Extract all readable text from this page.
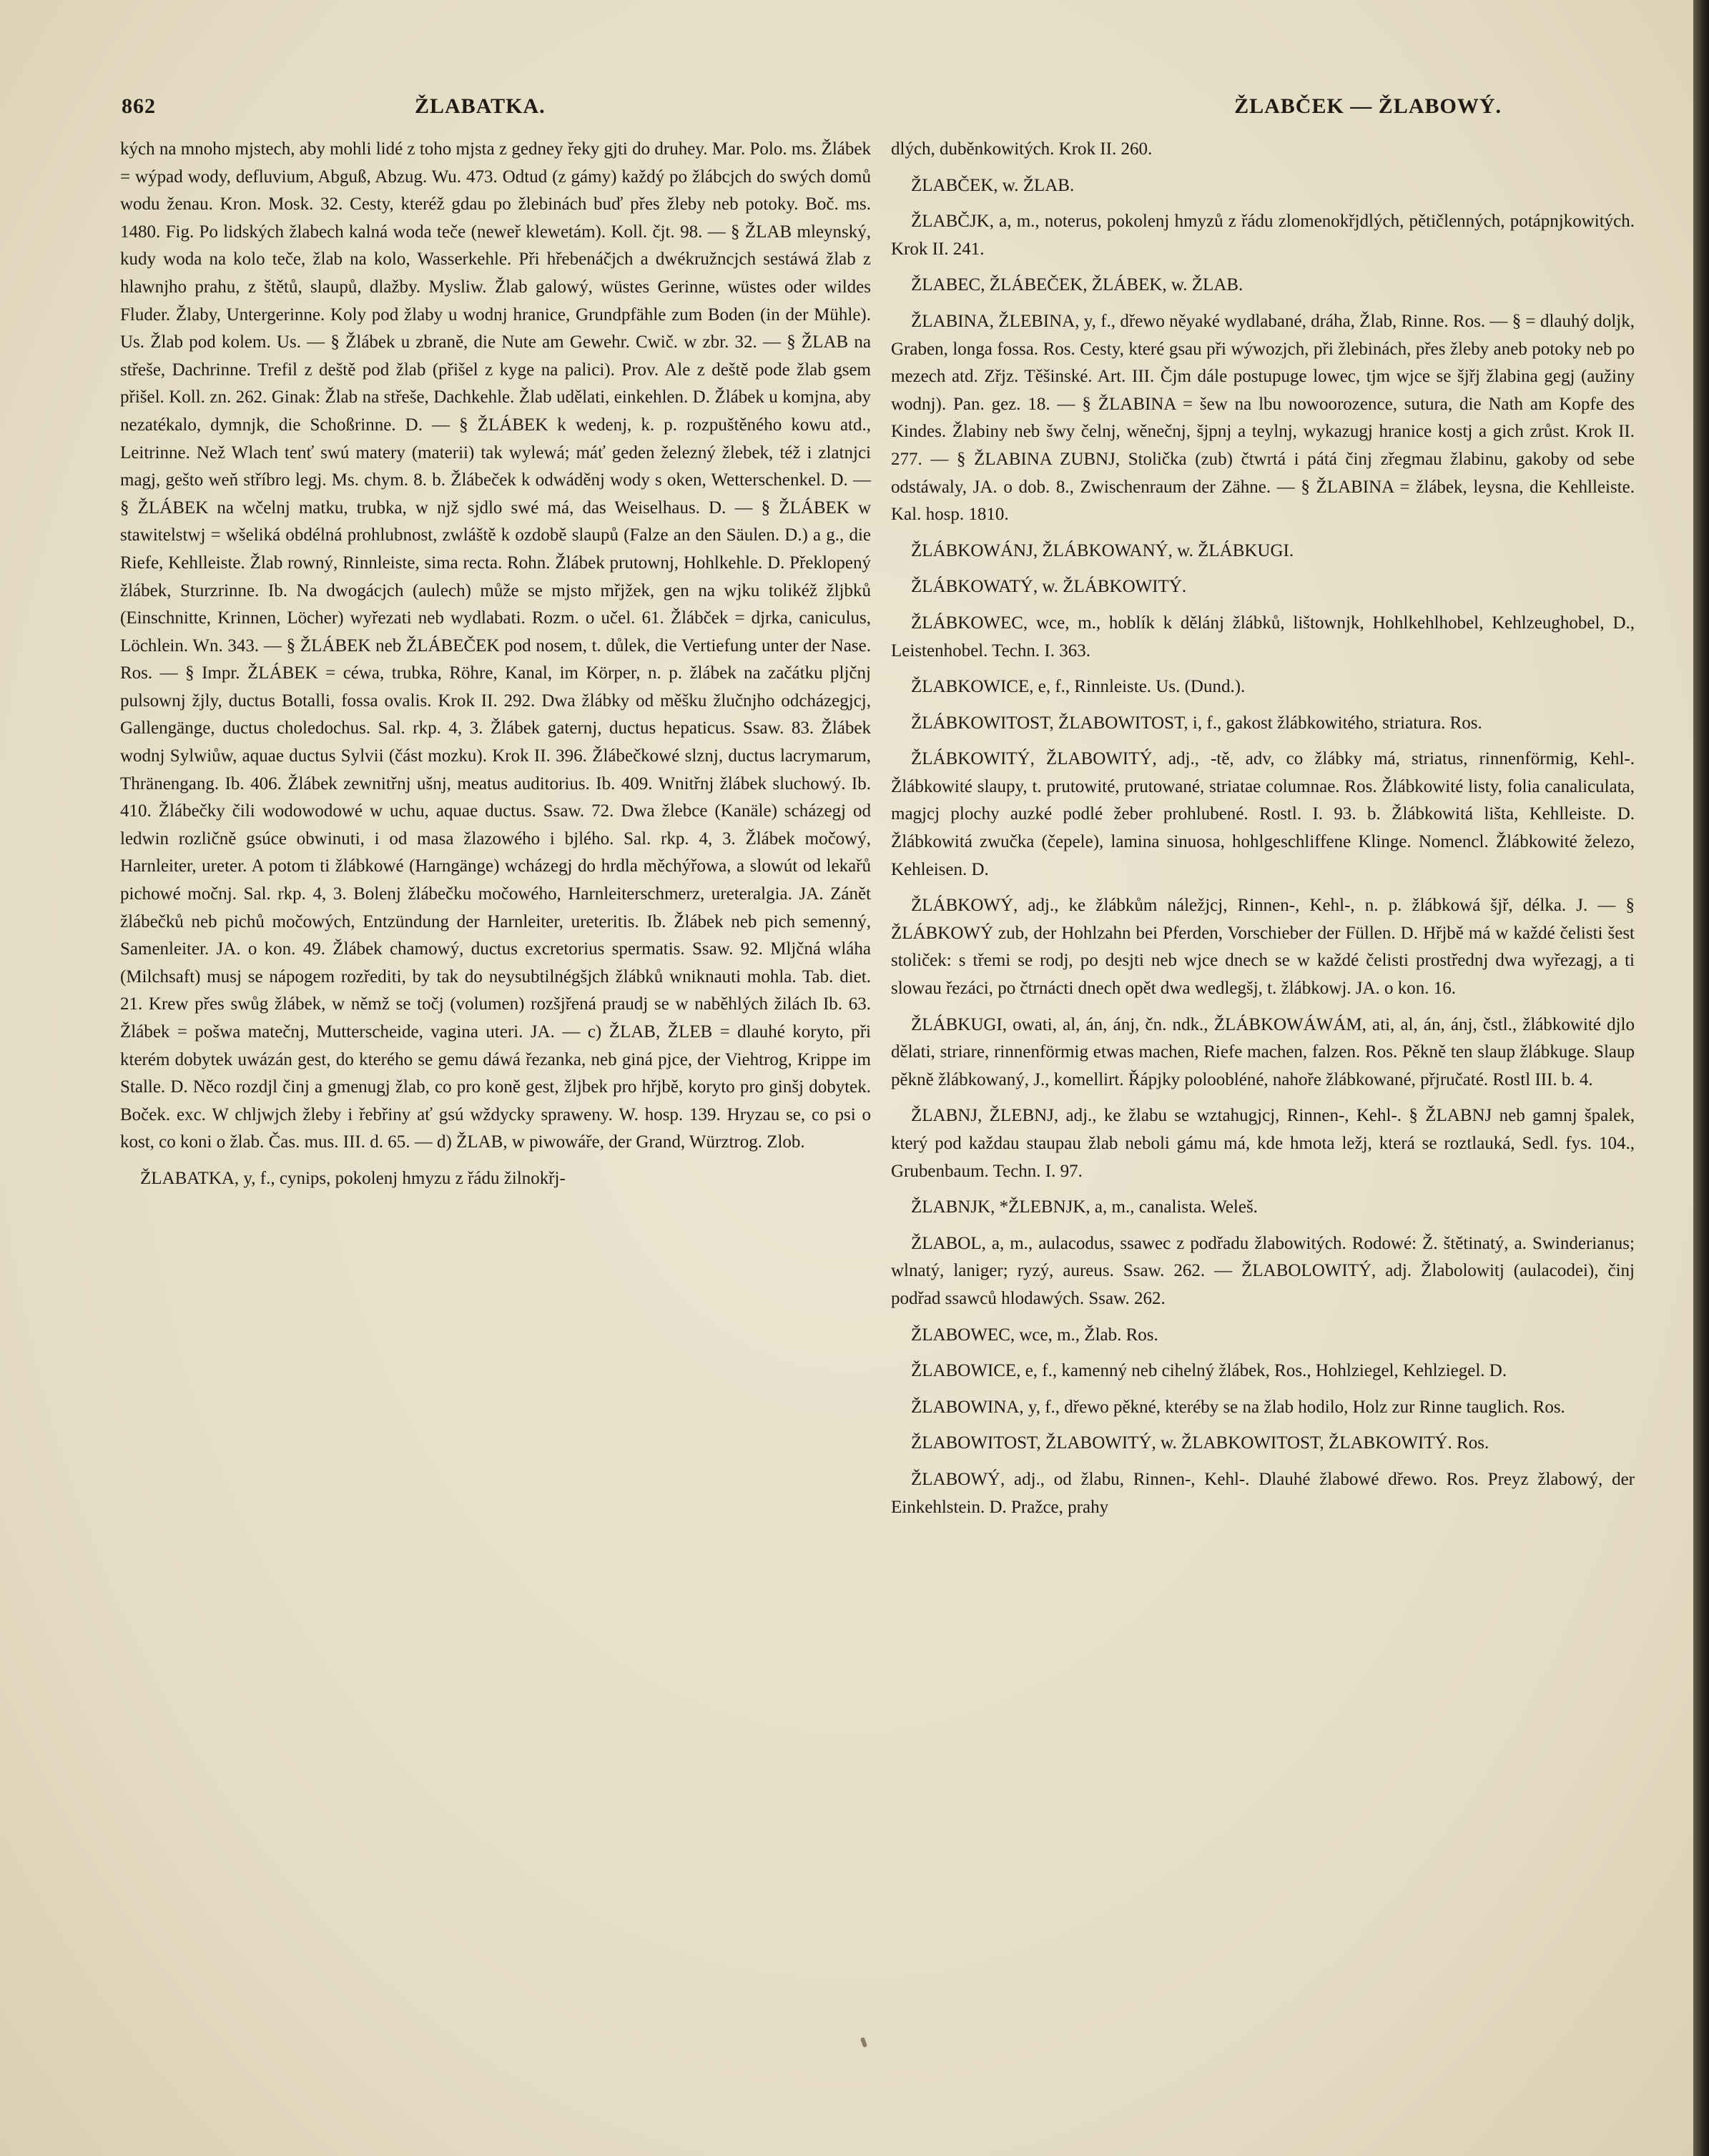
862	ŽLABATKA.	ŽLABČEK — ŽLABOWÝ.

kých na mnoho mjstech, aby mohli lidé z toho mjsta z gedney řeky gjti do druhey. Mar. Polo. ms. Žlábek = wýpad wody, defluvium, Abguß, Abzug. Wu. 473. Odtud (z gámy) každý po žlábcjch do swých domů wodu ženau. Kron. Mosk. 32. Cesty, kteréž gdau po žlebinách buď přes žleby neb potoky. Boč. ms. 1480. Fig. Po lidských žlabech kalná woda teče (neweř klewetám). Koll. čjt. 98. — § ŽLAB mleynský, kudy woda na kolo teče, žlab na kolo, Wasserkehle. Při hřebenáčjch a dwékružncjch sestáwá žlab z hlawnjho prahu, z štětů, slaupů, dlažby. Mysliw. Žlab galowý, wüstes Gerinne, wüstes oder wildes Fluder. Žlaby, Untergerinne. Koly pod žlaby u wodnj hranice, Grundpfähle zum Boden (in der Mühle). Us. Žlab pod kolem. Us. — § Žlábek u zbraně, die Nute am Gewehr. Cwič. w zbr. 32. — § ŽLAB na střeše, Dachrinne. Trefil z deště pod žlab (přišel z kyge na palici). Prov. Ale z deště pode žlab gsem přišel. Koll. zn. 262. Ginak: Žlab na střeše, Dachkehle. Žlab udělati, einkehlen. D. Žlábek u komjna, aby nezatékalo, dymnjk, die Schoßrinne. D. — § ŽLÁBEK k wedenj, k. p. rozpuštěného kowu atd., Leitrinne. Než Wlach tenť swú matery (materii) tak wylewá; máť geden železný žlebek, též i zlatnjci magj, gešto weň stříbro legj. Ms. chym. 8. b. Žlábeček k odwáděnj wody s oken, Wetterschenkel. D. — § ŽLÁBEK na wčelnj matku, trubka, w njž sjdlo swé má, das Weiselhaus. D. — § ŽLÁBEK w stawitelstwj = wšeliká obdélná prohlubnost, zwláště k ozdobě slaupů (Falze an den Säulen. D.) a g., die Riefe, Kehlleiste. Žlab rowný, Rinnleiste, sima recta. Rohn. Žlábek prutownj, Hohlkehle. D. Překlopený žlábek, Sturzrinne. Ib. Na dwogácjch (aulech) může se mjsto mřjžek, gen na wjku tolikéž žljbků (Einschnitte, Krinnen, Löcher) wyřezati neb wydlabati. Rozm. o učel. 61. Žlábček = djrka, caniculus, Löchlein. Wn. 343. — § ŽLÁBEK neb ŽLÁBEČEK pod nosem, t. důlek, die Vertiefung unter der Nase. Ros. — § Impr. ŽLÁBEK = céwa, trubka, Röhre, Kanal, im Körper, n. p. žlábek na začátku pljčnj pulsownj žjly, ductus Botalli, fossa ovalis. Krok II. 292. Dwa žlábky od měšku žlučnjho odcházegjcj, Gallengänge, ductus choledochus. Sal. rkp. 4, 3. Žlábek gaternj, ductus hepaticus. Ssaw. 83. Žlábek wodnj Sylwiůw, aquae ductus Sylvii (část mozku). Krok II. 396. Žlábečkowé slznj, ductus lacrymarum, Thränengang. Ib. 406. Žlábek zewnitřnj ušnj, meatus auditorius. Ib. 409. Wnitřnj žlábek sluchowý. Ib. 410. Žlábečky čili wodowodowé w uchu, aquae ductus. Ssaw. 72. Dwa žlebce (Kanäle) scházegj od ledwin rozličně gsúce obwinuti, i od masa žlazowého i bjlého. Sal. rkp. 4, 3. Žlábek močowý, Harnleiter, ureter. A potom ti žlábkowé (Harngänge) wcházegj do hrdla měchýřowa, a slowút od lekařů pichowé močnj. Sal. rkp. 4, 3. Bolenj žlábečku močowého, Harnleiterschmerz, ureteralgia. JA. Zánět žlábečků neb pichů močowých, Entzündung der Harnleiter, ureteritis. Ib. Žlábek neb pich semenný, Samenleiter. JA. o kon. 49. Žlábek chamowý, ductus excretorius spermatis. Ssaw. 92. Mljčná wláha (Milchsaft) musj se nápogem rozřediti, by tak do neysubtilnégšjch žlábků wniknauti mohla. Tab. diet. 21. Krew přes swůg žlábek, w němž se točj (volumen) rozšjřená praudj se w naběhlých žilách Ib. 63. Žlábek = pošwa matečnj, Mutterscheide, vagina uteri. JA. — c) ŽLAB, ŽLEB = dlauhé koryto, při kterém dobytek uwázán gest, do kterého se gemu dáwá řezanka, neb giná pjce, der Viehtrog, Krippe im Stalle. D. Něco rozdjl činj a gmenugj žlab, co pro koně gest, žljbek pro hřjbě, koryto pro ginšj dobytek. Boček. exc. W chljwjch žleby i řebřiny ať gsú wždycky spraweny. W. hosp. 139. Hryzau se, co psi o kost, co koni o žlab. Čas. mus. III. d. 65. — d) ŽLAB, w piwowáře, der Grand, Würztrog. Zlob.

ŽLABATKA, y, f., cynips, pokolenj hmyzu z řádu žilnokřj-

dlých, duběnkowitých. Krok II. 260.

ŽLABČEK, w. ŽLAB.

ŽLABČJK, a, m., noterus, pokolenj hmyzů z řádu zlomenokřjdlých, pětičlenných, potápnjkowitých. Krok II. 241.

ŽLABEC, ŽLÁBEČEK, ŽLÁBEK, w. ŽLAB.

ŽLABINA, ŽLEBINA, y, f., dřewo něyaké wydlabané, dráha, Žlab, Rinne. Ros. — § = dlauhý doljk, Graben, longa fossa. Ros. Cesty, které gsau při wýwozjch, při žlebinách, přes žleby aneb potoky neb po mezech atd. Zřjz. Těšinské. Art. III. Čjm dále postupuge lowec, tjm wjce se šjřj žlabina gegj (aužiny wodnj). Pan. gez. 18. — § ŽLABINA = šew na lbu nowoorozence, sutura, die Nath am Kopfe des Kindes. Žlabiny neb šwy čelnj, wěnečnj, šjpnj a teylnj, wykazugj hranice kostj a gich zrůst. Krok II. 277. — § ŽLABINA ZUBNJ, Stolička (zub) čtwrtá i pátá činj zřegmau žlabinu, gakoby od sebe odstáwaly, JA. o dob. 8., Zwischenraum der Zähne. — § ŽLABINA = žlábek, leysna, die Kehlleiste. Kal. hosp. 1810.

ŽLÁBKOWÁNJ, ŽLÁBKOWANÝ, w. ŽLÁBKUGI.

ŽLÁBKOWATÝ, w. ŽLÁBKOWITÝ.

ŽLÁBKOWEC, wce, m., hoblík k dělánj žlábků, lištownjk, Hohlkehlhobel, Kehlzeughobel, D., Leistenhobel. Techn. I. 363.

ŽLABKOWICE, e, f., Rinnleiste. Us. (Dund.).

ŽLÁBKOWITOST, ŽLABOWITOST, i, f., gakost žlábkowitého, striatura. Ros.

ŽLÁBKOWITÝ, ŽLABOWITÝ, adj., -tě, adv, co žlábky má, striatus, rinnenförmig, Kehl-. Žlábkowité slaupy, t. prutowité, prutowané, striatae columnae. Ros. Žlábkowité listy, folia canaliculata, magjcj plochy auzké podlé žeber prohlubené. Rostl. I. 93. b. Žlábkowitá lišta, Kehlleiste. D. Žlábkowitá zwučka (čepele), lamina sinuosa, hohlgeschliffene Klinge. Nomencl. Žlábkowité železo, Kehleisen. D.

ŽLÁBKOWÝ, adj., ke žlábkům náležjcj, Rinnen-, Kehl-, n. p. žlábkowá šjř, délka. J. — § ŽLÁBKOWÝ zub, der Hohlzahn bei Pferden, Vorschieber der Füllen. D. Hřjbě má w každé čelisti šest stoliček: s třemi se rodj, po desjti neb wjce dnech se w každé čelisti prostřednj dwa wyřezagj, a ti slowau řezáci, po čtrnácti dnech opět dwa wedlegšj, t. žlábkowj. JA. o kon. 16.

ŽLÁBKUGI, owati, al, án, ánj, čn. ndk., ŽLÁBKOWÁWÁM, ati, al, án, ánj, čstl., žlábkowité djlo dělati, striare, rinnenförmig etwas machen, Riefe machen, falzen. Ros. Pěkně ten slaup žlábkuge. Slaup pěkně žlábkowaný, J., komellirt. Řápjky poloobléné, nahoře žlábkowané, přjručaté. Rostl III. b. 4.

ŽLABNJ, ŽLEBNJ, adj., ke žlabu se wztahugjcj, Rinnen-, Kehl-. § ŽLABNJ neb gamnj špalek, který pod každau staupau žlab neboli gámu má, kde hmota ležj, která se roztlauká, Sedl. fys. 104., Grubenbaum. Techn. I. 97.

ŽLABNJK, *ŽLEBNJK, a, m., canalista. Weleš.

ŽLABOL, a, m., aulacodus, ssawec z podřadu žlabowitých. Rodowé: Ž. štětinatý, a. Swinderianus; wlnatý, laniger; ryzý, aureus. Ssaw. 262. — ŽLABOLOWITÝ, adj. Žlabolowitj (aulacodei), činj podřad ssawců hlodawých. Ssaw. 262.

ŽLABOWEC, wce, m., Žlab. Ros.

ŽLABOWICE, e, f., kamenný neb cihelný žlábek, Ros., Hohlziegel, Kehlziegel. D.

ŽLABOWINA, y, f., dřewo pěkné, kteréby se na žlab hodilo, Holz zur Rinne tauglich. Ros.

ŽLABOWITOST, ŽLABOWITÝ, w. ŽLABKOWITOST, ŽLABKOWITÝ. Ros.

ŽLABOWÝ, adj., od žlabu, Rinnen-, Kehl-. Dlauhé žlabowé dřewo. Ros. Preyz žlabowý, der Einkehlstein. D. Pražce, prahy
